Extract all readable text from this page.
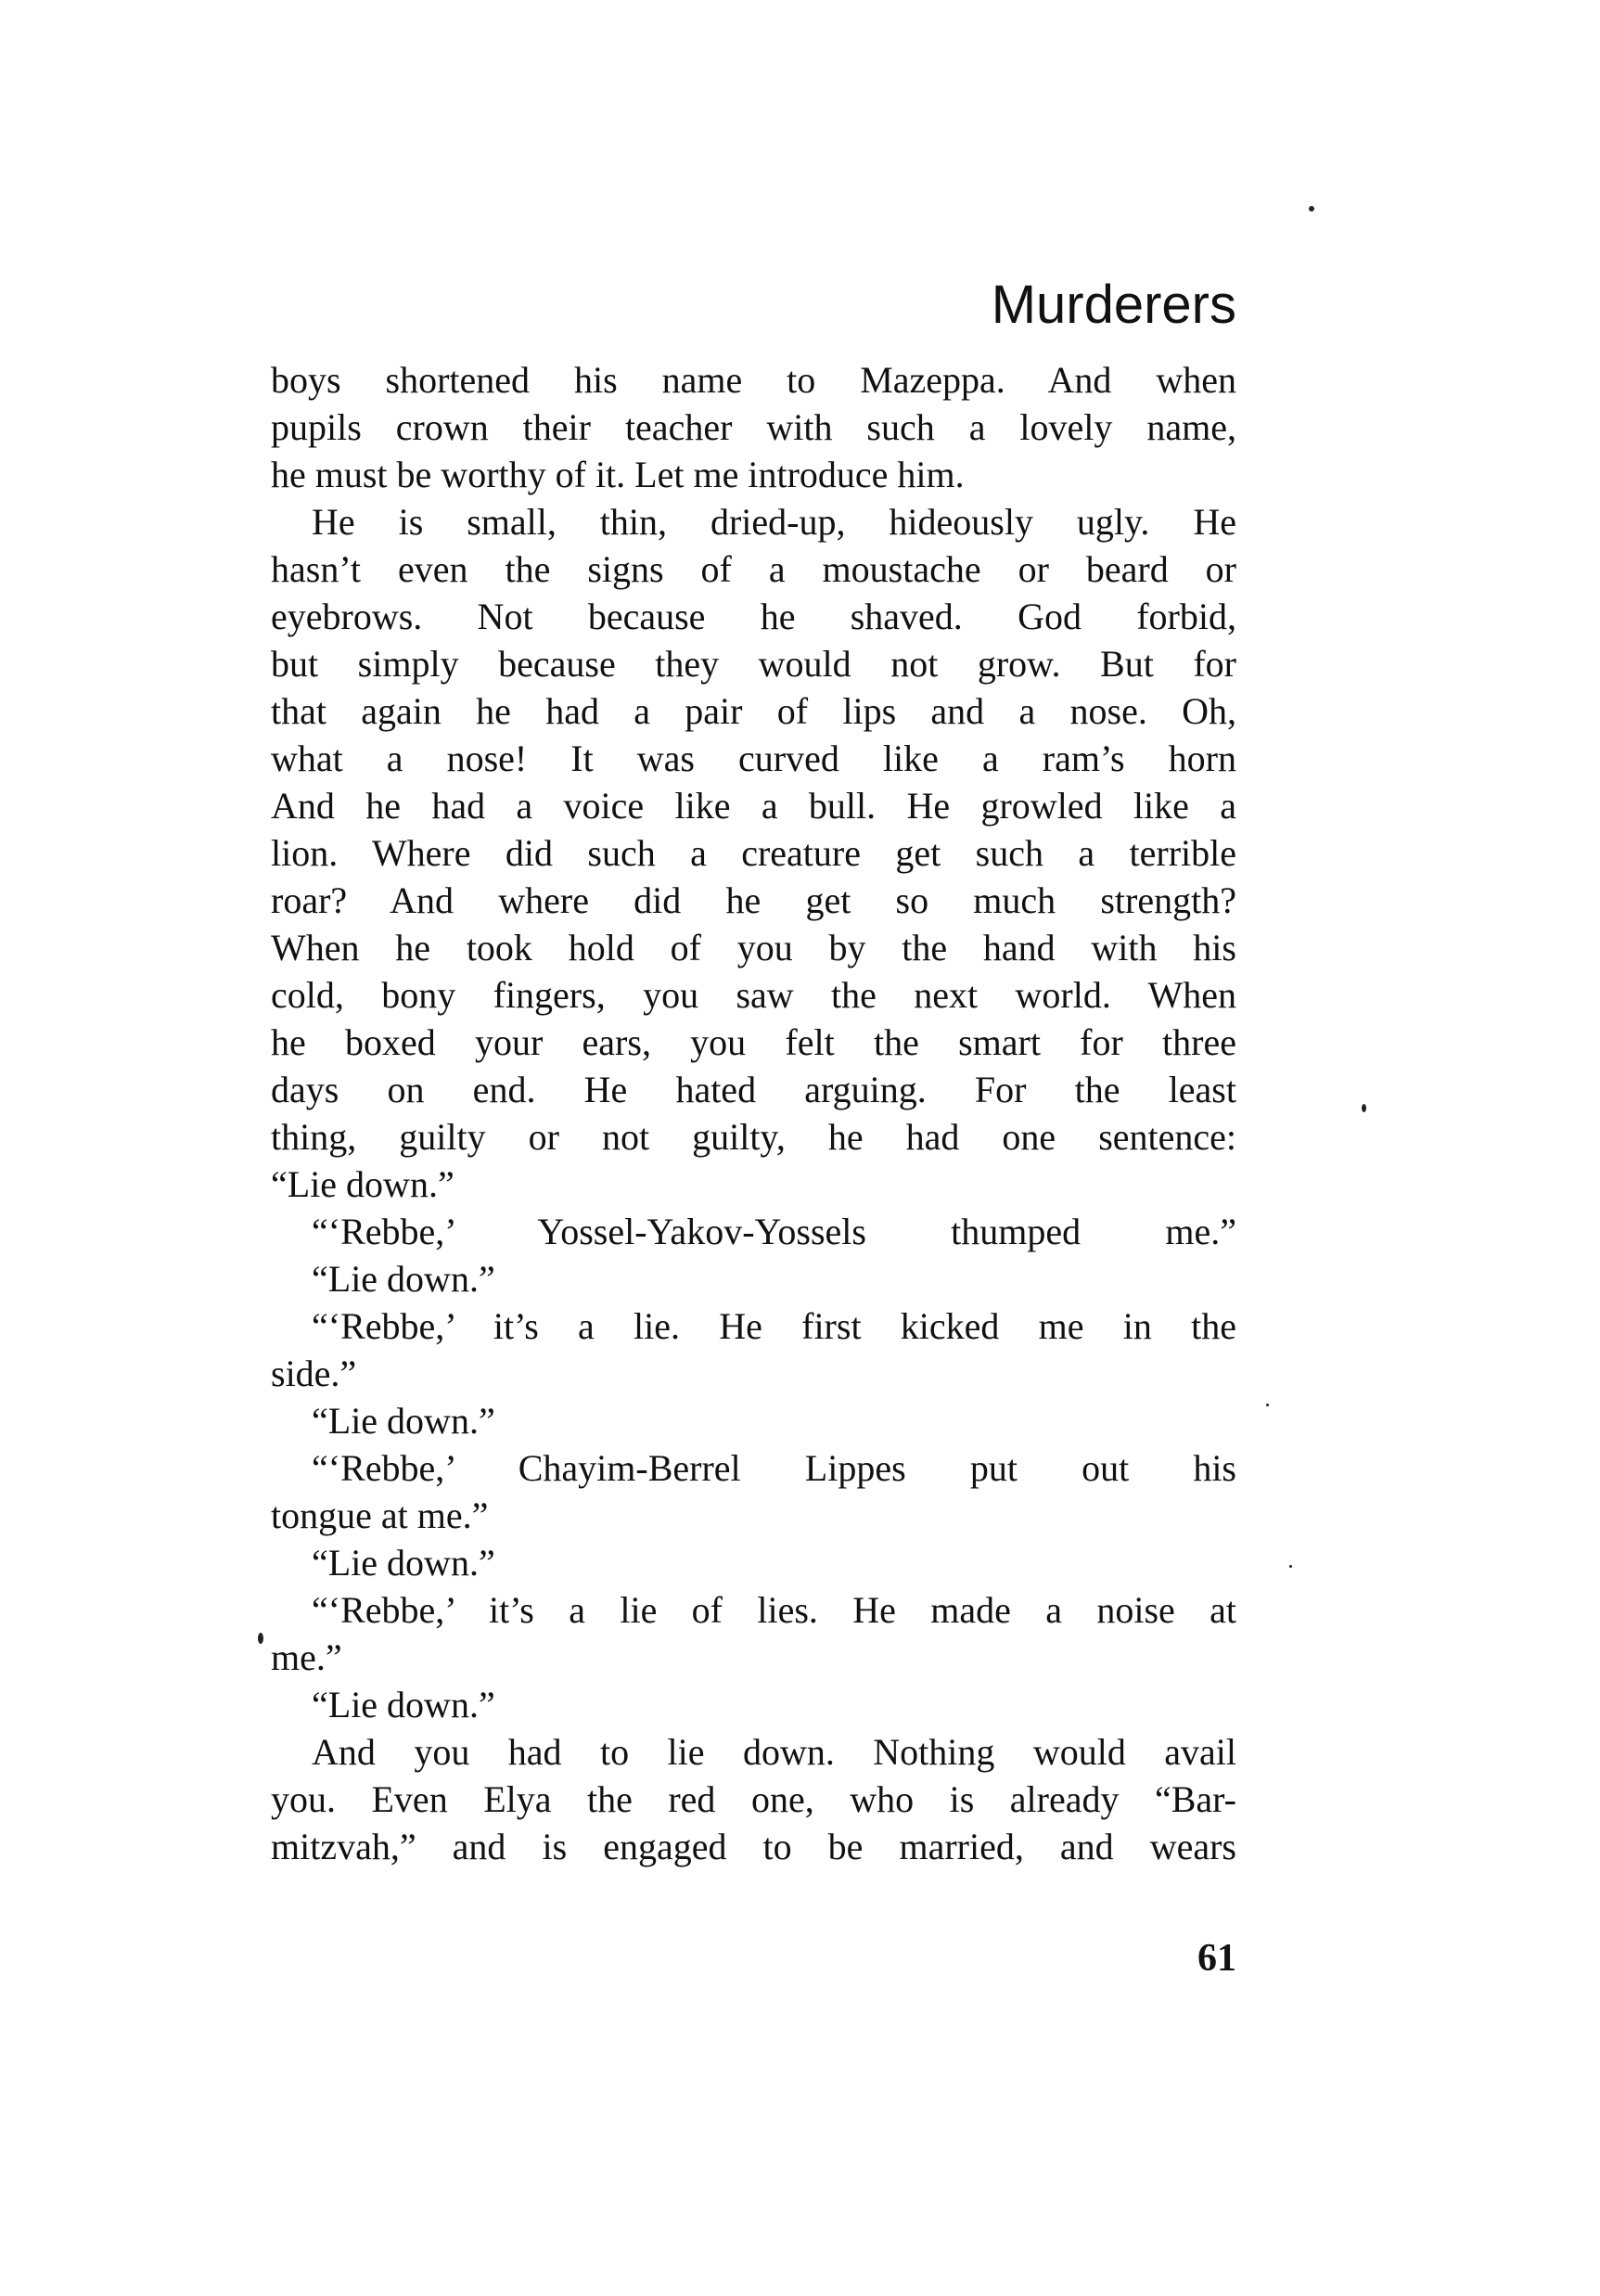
Murderers
boys shortened his name to Mazeppa. And when
pupils crown their teacher with such a lovely name,
he must be worthy of it. Let me introduce him.
He is small, thin, dried-up, hideously ugly. He
hasn’t even the signs of a moustache or beard or
eyebrows. Not because he shaved. God forbid,
but simply because they would not grow. But for
that again he had a pair of lips and a nose. Oh,
what a nose! It was curved like a ram’s horn
And he had a voice like a bull. He growled like a
lion. Where did such a creature get such a terrible
roar? And where did he get so much strength?
When he took hold of you by the hand with his
cold, bony fingers, you saw the next world. When
he boxed your ears, you felt the smart for three
days on end. He hated arguing. For the least
thing, guilty or not guilty, he had one sentence:
“Lie down.”
“‘Rebbe,’ Yossel-Yakov-Yossels thumped me.”
“Lie down.”
“‘Rebbe,’ it’s a lie. He first kicked me in the
side.”
“Lie down.”
“‘Rebbe,’ Chayim-Berrel Lippes put out his
tongue at me.”
“Lie down.”
“‘Rebbe,’ it’s a lie of lies. He made a noise at
me.”
“Lie down.”
And you had to lie down. Nothing would avail
you. Even Elya the red one, who is already “Bar-
mitzvah,” and is engaged to be married, and wears
61
